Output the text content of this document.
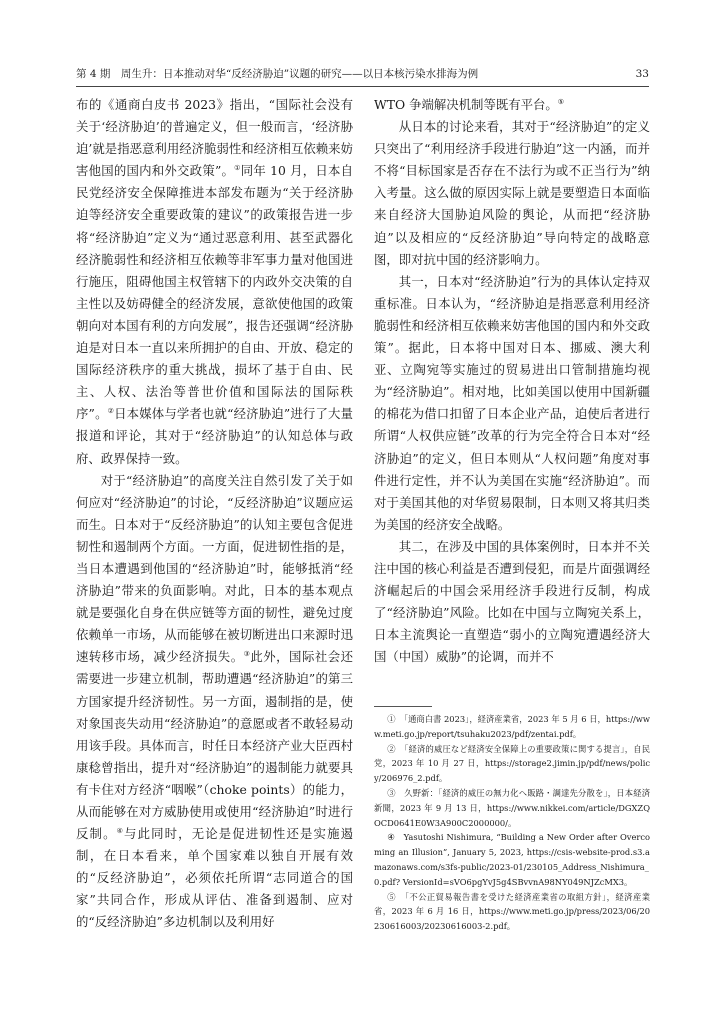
第 4 期　周生升：日本推动对华“反经济胁迫”议题的研究——以日本核污染水排海为例	33

布的《通商白皮书 2023》指出，“国际社会没有关于‘经济胁迫’的普遍定义，但一般而言，‘经济胁迫’就是指恶意利用经济脆弱性和经济相互依赖来妨害他国的国内和外交政策”。①同年 10 月，日本自民党经济安全保障推进本部发布题为“关于经济胁迫等经济安全重要政策的建议”的政策报告进一步将“经济胁迫”定义为“通过恶意利用、甚至武器化经济脆弱性和经济相互依赖等非军事力量对他国进行施压，阻碍他国主权管辖下的内政外交决策的自主性以及妨碍健全的经济发展，意欲使他国的政策朝向对本国有利的方向发展”，报告还强调“经济胁迫是对日本一直以来所拥护的自由、开放、稳定的国际经济秩序的重大挑战，损坏了基于自由、民主、人权、法治等普世价值和国际法的国际秩序”。②日本媒体与学者也就“经济胁迫”进行了大量报道和评论，其对于“经济胁迫”的认知总体与政府、政界保持一致。

对于“经济胁迫”的高度关注自然引发了关于如何应对“经济胁迫”的讨论，“反经济胁迫”议题应运而生。日本对于“反经济胁迫”的认知主要包含促进韧性和遏制两个方面。一方面，促进韧性指的是，当日本遭遇到他国的“经济胁迫”时，能够抵消“经济胁迫”带来的负面影响。对此，日本的基本观点就是要强化自身在供应链等方面的韧性，避免过度依赖单一市场，从而能够在被切断进出口来源时迅速转移市场，减少经济损失。③此外，国际社会还需要进一步建立机制，帮助遭遇“经济胁迫”的第三方国家提升经济韧性。另一方面，遏制指的是，使对象国丧失动用“经济胁迫”的意愿或者不敢轻易动用该手段。具体而言，时任日本经济产业大臣西村康稔曾指出，提升对“经济胁迫”的遏制能力就要具有卡住对方经济“咽喉”（choke points）的能力，从而能够在对方威胁使用或使用“经济胁迫”时进行反制。④与此同时，无论是促进韧性还是实施遏制，在日本看来，单个国家难以独自开展有效的“反经济胁迫”，必须依托所谓“志同道合的国家”共同合作，形成从评估、准备到遏制、应对的“反经济胁迫”多边机制以及利用好

WTO 争端解决机制等既有平台。⑤

从日本的讨论来看，其对于“经济胁迫”的定义只突出了“利用经济手段进行胁迫”这一内涵，而并不将“目标国家是否存在不法行为或不正当行为”纳入考量。这么做的原因实际上就是要塑造日本面临来自经济大国胁迫风险的舆论，从而把“经济胁迫”以及相应的“反经济胁迫”导向特定的战略意图，即对抗中国的经济影响力。

其一，日本对“经济胁迫”行为的具体认定持双重标准。日本认为，“经济胁迫是指恶意利用经济脆弱性和经济相互依赖来妨害他国的国内和外交政策”。据此，日本将中国对日本、挪威、澳大利亚、立陶宛等实施过的贸易进出口管制措施均视为“经济胁迫”。相对地，比如美国以使用中国新疆的棉花为借口扣留了日本企业产品，迫使后者进行所谓“人权供应链”改革的行为完全符合日本对“经济胁迫”的定义，但日本则从“人权问题”角度对事件进行定性，并不认为美国在实施“经济胁迫”。而对于美国其他的对华贸易限制，日本则又将其归类为美国的经济安全战略。

其二，在涉及中国的具体案例时，日本并不关注中国的核心利益是否遭到侵犯，而是片面强调经济崛起后的中国会采用经济手段进行反制，构成了“经济胁迫”风险。比如在中国与立陶宛关系上，日本主流舆论一直塑造“弱小的立陶宛遭遇经济大国（中国）威胁”的论调，而并不

①　「通商白書 2023」，経済産業省，2023 年 5 月 6 日，https://www.meti.go.jp/report/tsuhaku2023/pdf/zentai.pdf。

②　「経済的威圧など経済安全保障上の重要政策に関する提言」，自民党，2023 年 10 月 27 日，https://storage2.jimin.jp/pdf/news/policy/206976_2.pdf。

③　久野新：「経済的威圧の無力化へ販路・調達先分散を」，日本経済新聞，2023 年 9 月 13 日，https://www.nikkei.com/article/DGXZQOCD0641E0W3A900C2000000/。

④　Yasutoshi Nishimura, “Building a New Order after Overcoming an Illusion”, January 5, 2023, https://csis-website-prod.s3.amazonaws.com/s3fs-public/2023-01/230105_Address_Nishimura_0.pdf? VersionId=sVO6pgYvJ5g4SBvvnA98NY049NJZcMX3。

⑤　「不公正貿易報告書を受けた経済産業省の取組方針」，経済産業省，2023 年 6 月 16 日，https://www.meti.go.jp/press/2023/06/20230616003/20230616003-2.pdf。
